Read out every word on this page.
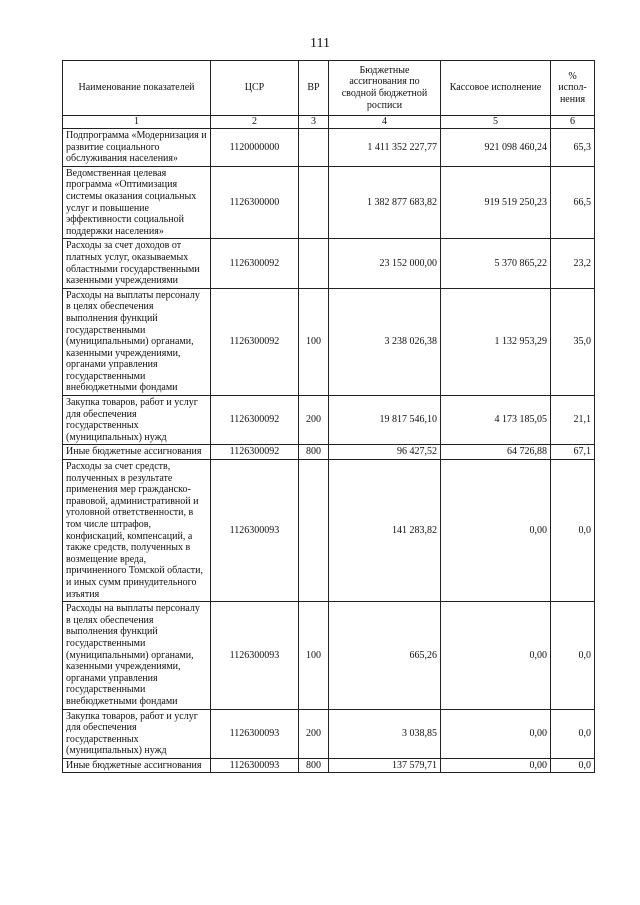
111
Наименование показателей	ЦСР	ВР	Бюджетные ассигнования по сводной бюджетной росписи	Кассовое исполнение	% испол-нения
1	2	3	4	5	6
Подпрограмма «Модернизация и развитие социального обслуживания населения»	1120000000		1 411 352 227,77	921 098 460,24	65,3
Ведомственная целевая программа «Оптимизация системы оказания социальных услуг и повышение эффективности социальной поддержки населения»	1126300000		1 382 877 683,82	919 519 250,23	66,5
Расходы за счет доходов от платных услуг, оказываемых областными государственными казенными учреждениями	1126300092		23 152 000,00	5 370 865,22	23,2
Расходы на выплаты персоналу в целях обеспечения выполнения функций государственными (муниципальными) органами, казенными учреждениями, органами управления государственными внебюджетными фондами	1126300092	100	3 238 026,38	1 132 953,29	35,0
Закупка товаров, работ и услуг для обеспечения государственных (муниципальных) нужд	1126300092	200	19 817 546,10	4 173 185,05	21,1
Иные бюджетные ассигнования	1126300092	800	96 427,52	64 726,88	67,1
Расходы за счет средств, полученных в результате применения мер гражданско-правовой, административной и уголовной ответственности, в том числе штрафов, конфискаций, компенсаций, а также средств, полученных в возмещение вреда, причиненного Томской области, и иных сумм принудительного изъятия	1126300093		141 283,82	0,00	0,0
Расходы на выплаты персоналу в целях обеспечения выполнения функций государственными (муниципальными) органами, казенными учреждениями, органами управления государственными внебюджетными фондами	1126300093	100	665,26	0,00	0,0
Закупка товаров, работ и услуг для обеспечения государственных (муниципальных) нужд	1126300093	200	3 038,85	0,00	0,0
Иные бюджетные ассигнования	1126300093	800	137 579,71	0,00	0,0
